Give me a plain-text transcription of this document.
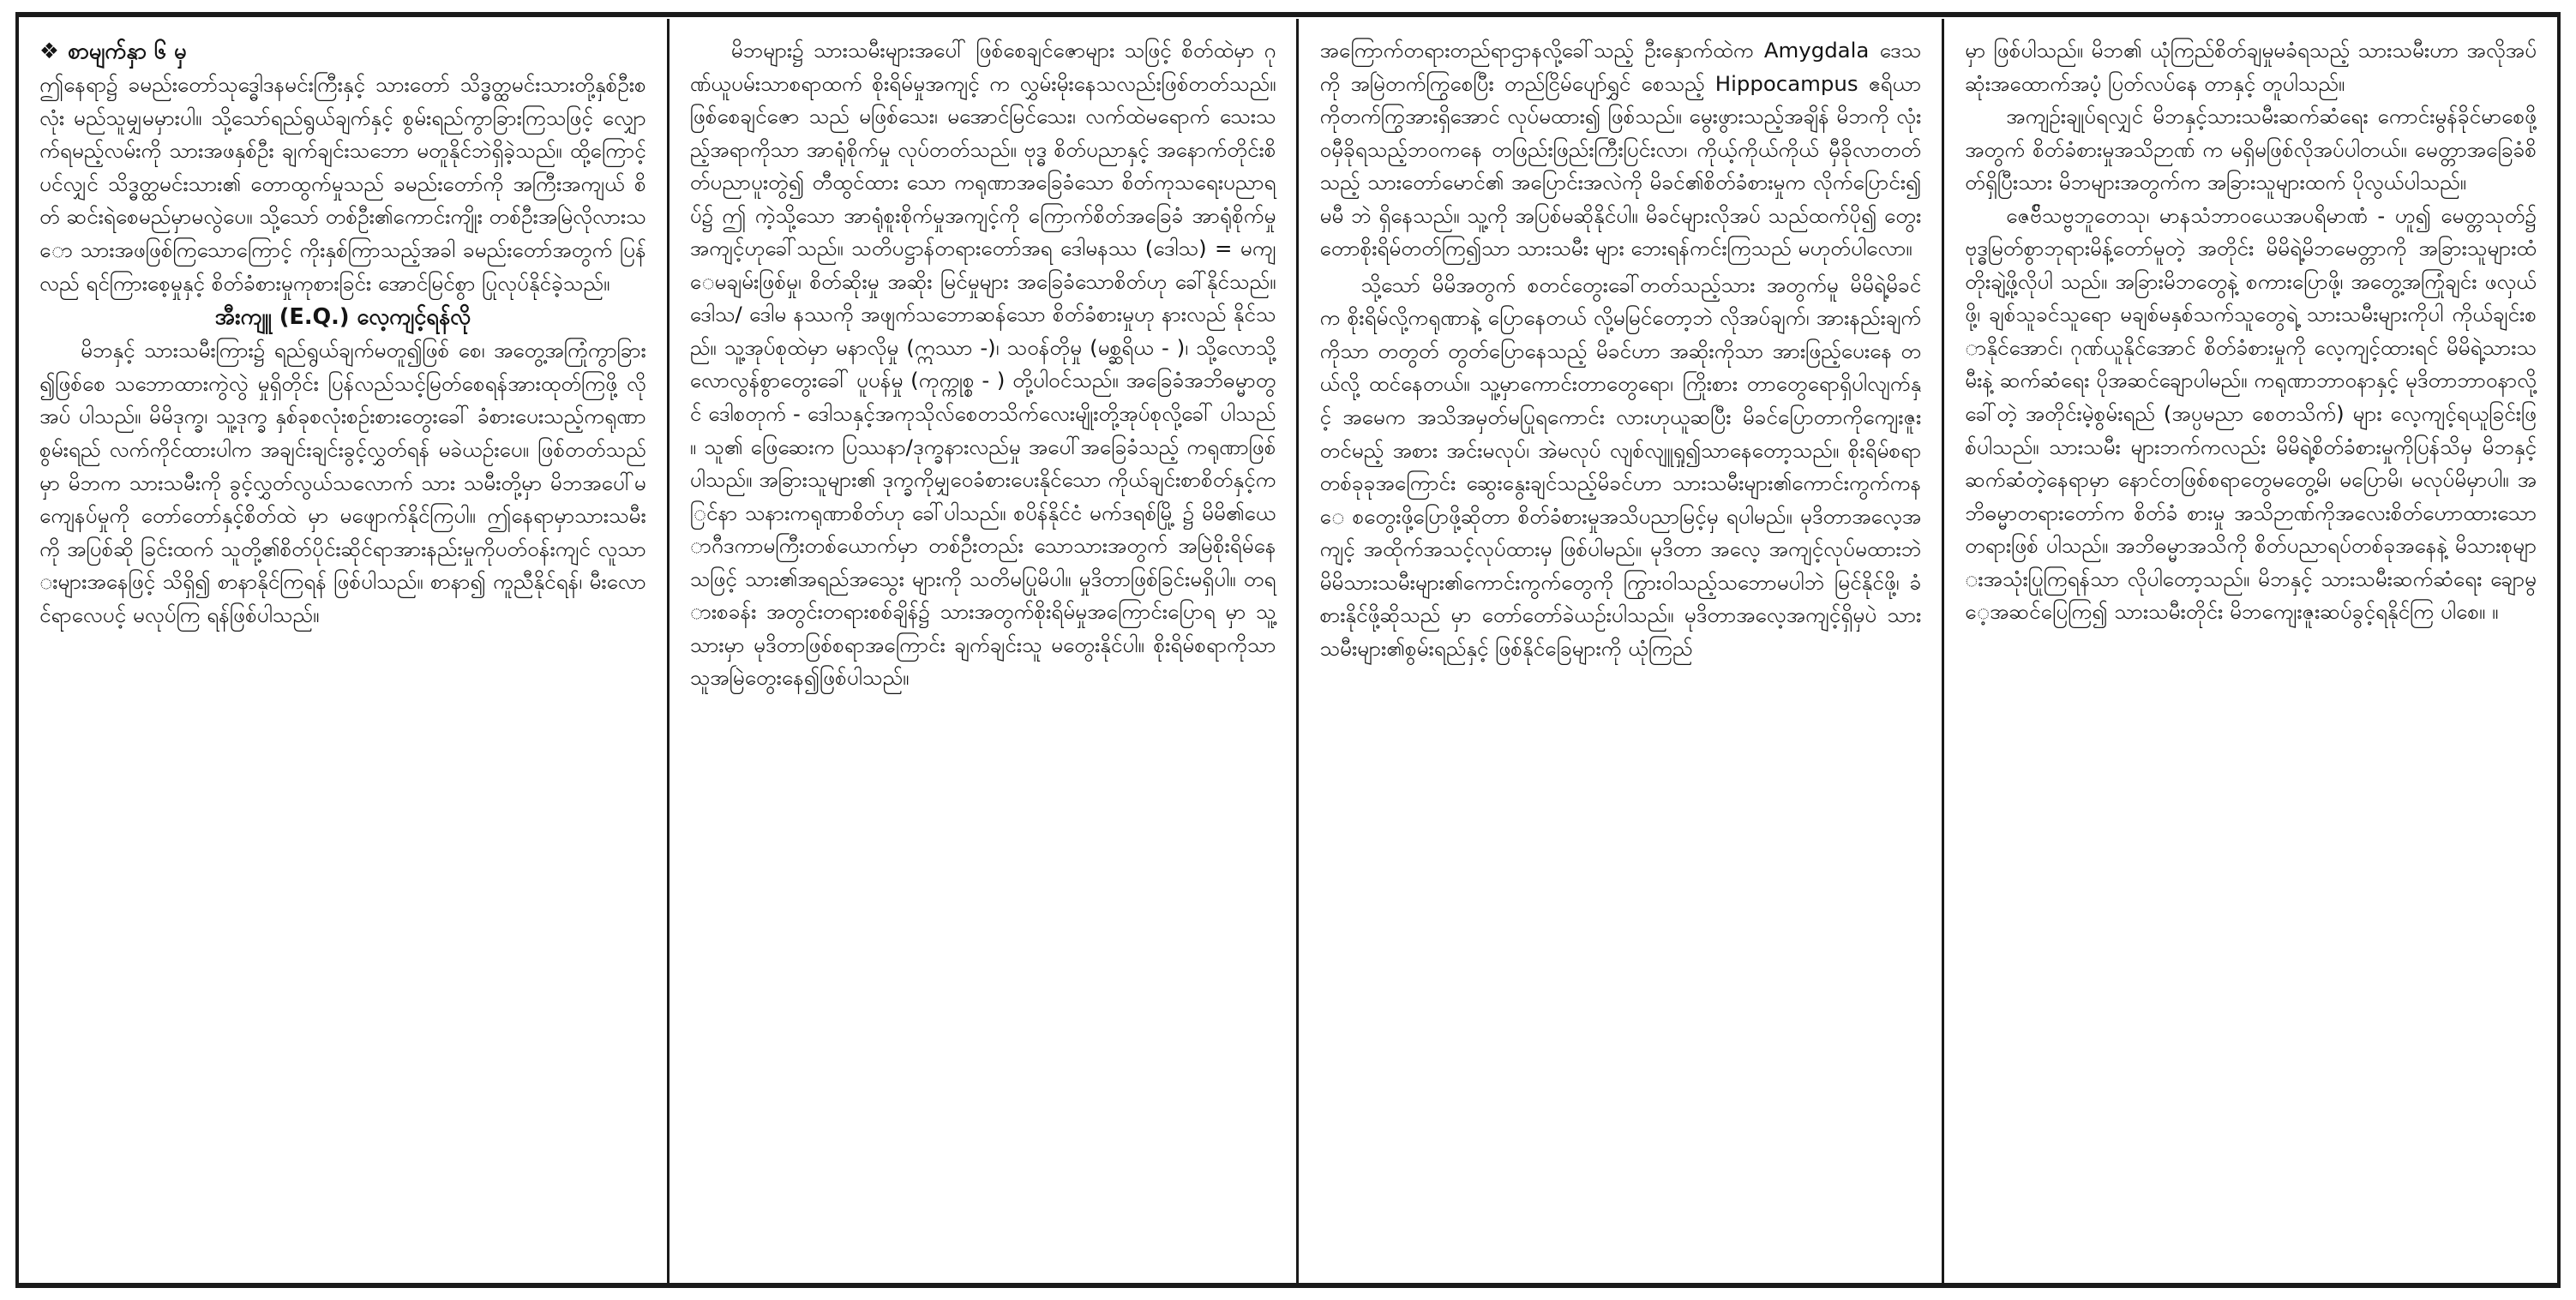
❖ စာမျက်နှာ ၆ မှ

ဤနေရာ၌ ခမည်းတော်သုဒ္ဓေါဒနမင်းကြီးနှင့် သားတော် သိဒ္ဓတ္ထမင်းသားတို့နှစ်ဦးစလုံး မည်သူမျှမမှားပါ။ သို့သော်ရည်ရွယ်ချက်နှင့် စွမ်းရည်ကွာခြားကြသဖြင့် လျှောက်ရမည့်လမ်းကို သားအဖနှစ်ဦး ချက်ချင်းသဘော မတူနိုင်ဘဲရှိခဲ့သည်။ ထို့ကြောင့်ပင်လျှင် သိဒ္ဓတ္ထမင်းသား၏ တောထွက်မှုသည် ခမည်းတော်ကို အကြီးအကျယ် စိတ် ဆင်းရဲစေမည်မှာမလွဲပေ။ သို့သော် တစ်ဦး၏ကောင်းကျိုး တစ်ဦးအမြဲလိုလားသော သားအဖဖြစ်ကြသောကြောင့် ကိုးနှစ်ကြာသည့်အခါ ခမည်းတော်အတွက် ပြန်လည် ရင်ကြားစေ့မှုနှင့် စိတ်ခံစားမှုကုစားခြင်း အောင်မြင်စွာ ပြုလုပ်နိုင်ခဲ့သည်။

အီးကျူ (E.Q.) လေ့ကျင့်ရန်လို

မိဘနှင့် သားသမီးကြား၌ ရည်ရွယ်ချက်မတူ၍ဖြစ် စေ၊ အတွေ့အကြုံကွာခြား၍ဖြစ်စေ သဘောထားကွဲလွဲ မှုရှိတိုင်း ပြန်လည်သင့်မြတ်စေရန်အားထုတ်ကြဖို့ လိုအပ် ပါသည်။ မိမိဒုက္ခ၊ သူ့ဒုက္ခ နှစ်ခုစလုံးစဉ်းစားတွေးခေါ် ခံစားပေးသည့်ကရုဏာစွမ်းရည် လက်ကိုင်ထားပါက အချင်းချင်းခွင့်လွှတ်ရန် မခဲယဉ်းပေ။ ဖြစ်တတ်သည်မှာ မိဘက သားသမီးကို ခွင့်လွှတ်လွယ်သလောက် သား သမီးတို့မှာ မိဘအပေါ်မကျေနပ်မှုကို တော်တော်နှင့်စိတ်ထဲ မှာ မဖျောက်နိုင်ကြပါ။ ဤနေရာမှာသားသမီးကို အပြစ်ဆို ခြင်းထက် သူတို့၏စိတ်ပိုင်းဆိုင်ရာအားနည်းမှုကိုပတ်ဝန်းကျင် လူသားများအနေဖြင့် သိရှိ၍ စာနာနိုင်ကြရန် ဖြစ်ပါသည်။ စာနာ၍ ကူညီနိုင်ရန်၊ မီးလောင်ရာလေပင့် မလုပ်ကြ ရန်ဖြစ်ပါသည်။

မိဘများ၌ သားသမီးများအပေါ် ဖြစ်စေချင်ဇောများ သဖြင့် စိတ်ထဲမှာ ဂုဏ်ယူပမ်းသာစရာထက် စိုးရိမ်မှုအကျင့် က လွှမ်းမိုးနေသလည်းဖြစ်တတ်သည်။ ဖြစ်စေချင်ဇော သည် မဖြစ်သေး၊ မအောင်မြင်သေး၊ လက်ထဲမရောက် သေးသည့်အရာကိုသာ အာရုံစိုက်မှု လုပ်တတ်သည်။ ဗုဒ္ဓ စိတ်ပညာနှင့် အနောက်တိုင်းစိတ်ပညာပူးတွဲ၍ တီထွင်ထား သော ကရုဏာအခြေခံသော စိတ်ကုသရေးပညာရပ်၌ ဤ ကဲ့သို့သော အာရုံစူးစိုက်မှုအကျင့်ကို ကြောက်စိတ်အခြေခံ အာရုံစိုက်မှုအကျင့်ဟုခေါ်သည်။ သတိပဋ္ဌာန်တရားတော်အရ ဒေါမနဿ (ဒေါသ) = မကျေမချမ်းဖြစ်မှု၊ စိတ်ဆိုးမှု အဆိုး မြင်မှုများ အခြေခံသောစိတ်ဟု ခေါ်နိုင်သည်။ ဒေါသ/ ဒေါမ နဿကို အဖျက်သဘောဆန်သော စိတ်ခံစားမှုဟု နားလည် နိုင်သည်။ သူ့အုပ်စုထဲမှာ မနာလိုမှု (ဣဿာ -)၊ သဝန်တိုမှု (မစ္ဆရိယ - )၊ သို့လောသို့လောလွန်စွာတွေးခေါ် ပူပန်မှု (ကုက္ကုစ္စ - ) တို့ပါဝင်သည်။ အခြေခံအဘိဓမ္မာတွင် ဒေါစတုက် - ဒေါသနှင့်အကုသိုလ်စေတသိက်လေးမျိုးတို့အုပ်စုလို့ခေါ် ပါသည်။ သူ၏ ဖြေဆေးက ပြဿနာ/ဒုက္ခနားလည်မှု အပေါ်အခြေခံသည့် ကရုဏာဖြစ်ပါသည်။ အခြားသူများ၏ ဒုက္ခကိုမျှဝေခံစားပေးနိုင်သော ကိုယ်ချင်းစာစိတ်နှင့်ကြင်နာ သနားကရုဏာစိတ်ဟု ခေါ်ပါသည်။ စပိန်နိုင်ငံ မက်ဒရစ်မြို့ ၌ မိမိ၏ယောဂီဒကာမကြီးတစ်ယောက်မှာ တစ်ဦးတည်း သောသားအတွက် အမြဲစိုးရိမ်နေသဖြင့် သား၏အရည်အသွေး များကို သတိမပြုမိပါ။ မှုဒိတာဖြစ်ခြင်းမရှိပါ။ တရားစခန်း အတွင်းတရားစစ်ချိန်၌ သားအတွက်စိုးရိမ်မှုအကြောင်းပြောရ မှာ သူ့သားမှာ မုဒိတာဖြစ်စရာအကြောင်း ချက်ချင်းသူ မတွေးနိုင်ပါ။ စိုးရိမ်စရာကိုသာသူအမြဲတွေးနေ၍ဖြစ်ပါသည်။

အကြောက်တရားတည်ရာဌာနလို့ခေါ်သည့် ဦးနှောက်ထဲက Amygdala ဒေသကို အမြဲတက်ကြွစေပြီး တည်ငြိမ်ပျော်ရွှင် စေသည့် Hippocampus ဧရိယာကိုတက်ကြွအားရှိအောင် လုပ်မထား၍ ဖြစ်သည်။ မွေးဖွားသည့်အချိန် မိဘကို လုံးဝမှီခိုရသည့်ဘဝကနေ တဖြည်းဖြည်းကြီးပြင်းလာ၊ ကိုယ့်ကိုယ်ကိုယ် မှီခိုလာတတ်သည့် သားတော်မောင်၏ အပြောင်းအလဲကို မိခင်၏စိတ်ခံစားမှုက လိုက်ပြောင်း၍မမီ ဘဲ ရှိနေသည်။ သူ့ကို အပြစ်မဆိုနိုင်ပါ။ မိခင်များလိုအပ် သည်ထက်ပို၍ တွေးတောစိုးရိမ်တတ်ကြ၍သာ သားသမီး များ ဘေးရန်ကင်းကြသည် မဟုတ်ပါလော။

သို့သော် မိမိအတွက် စတင်တွေးခေါ်တတ်သည့်သား အတွက်မူ မိမိရဲ့မိခင်က စိုးရိမ်လို့ကရုဏာနဲ့ ပြောနေတယ် လို့မမြင်တော့ဘဲ လိုအပ်ချက်၊ အားနည်းချက်ကိုသာ တတွတ် တွတ်ပြောနေသည့် မိခင်ဟာ အဆိုးကိုသာ အားဖြည့်ပေးနေ တယ်လို့ ထင်နေတယ်။ သူ့မှာကောင်းတာတွေရော၊ ကြိုးစား တာတွေရောရှိပါလျက်နှင့် အမေက အသိအမှတ်မပြုရကောင်း လားဟုယူဆပြီး မိခင်ပြောတာကိုကျေးဇူးတင်မည့် အစား အင်းမလုပ်၊ အဲမလုပ် လျစ်လျူရှု၍သာနေတော့သည်။ စိုးရိမ်စရာတစ်ခုခုအကြောင်း ဆွေးနွေးချင်သည့်မိခင်ဟာ သားသမီးများ၏ကောင်းကွက်ကနေ စတွေးဖို့ပြောဖို့ဆိုတာ စိတ်ခံစားမှုအသိပညာမြင့်မှ ရပါမည်။ မုဒိတာအလေ့အကျင့် အထိုက်အသင့်လုပ်ထားမှ ဖြစ်ပါမည်။ မုဒိတာ အလေ့ အကျင့်လုပ်မထားဘဲ မိမိသားသမီးများ၏ကောင်းကွက်တွေကို ကြွားဝါသည့်သဘောမပါဘဲ မြင်နိုင်ဖို့၊ ခံစားနိုင်ဖို့ဆိုသည် မှာ တော်တော်ခဲယဉ်းပါသည်။ မုဒိတာအလေ့အကျင့်ရှိမှပဲ သားသမီးများ၏စွမ်းရည်နှင့် ဖြစ်နိုင်ခြေများကို ယုံကြည်

မှာ ဖြစ်ပါသည်။ မိဘ၏ ယုံကြည်စိတ်ချမှုမခံရသည့် သားသမီးဟာ အလိုအပ်ဆုံးအထောက်အပံ့ ပြတ်လပ်နေ တာနှင့် တူပါသည်။

အကျဉ်းချုပ်ရလျှင် မိဘနှင့်သားသမီးဆက်ဆံရေး ကောင်းမွန်ခိုင်မာစေဖို့အတွက် စိတ်ခံစားမှုအသိဉာဏ် က မရှိမဖြစ်လိုအပ်ပါတယ်။ မေတ္တာအခြေခံစိတ်ရှိပြီးသား မိဘများအတွက်က အခြားသူများထက် ပိုလွယ်ပါသည်။

ဇေဗ်ိသဗ္ဗဘူတေသု၊ မာနသံဘာဝယေအပရိမာဏံ - ဟူ၍ မေတ္တသုတ်၌ ဗုဒ္ဓမြတ်စွာဘုရားမိန့်တော်မူတဲ့ အတိုင်း မိမိရဲ့မိဘမေတ္တာကို အခြားသူများထံ တိုးချဲ့ဖို့လိုပါ သည်။ အခြားမိဘတွေနဲ့ စကားပြောဖို့၊ အတွေ့အကြုံချင်း ဖလှယ်ဖို့၊ ချစ်သူခင်သူရော မချစ်မနှစ်သက်သူတွေရဲ့ သားသမီးများကိုပါ ကိုယ်ချင်းစာနိုင်အောင်၊ ဂုဏ်ယူနိုင်အောင် စိတ်ခံစားမှုကို လေ့ကျင့်ထားရင် မိမိရဲ့သားသမီးနဲ့ ဆက်ဆံရေး ပိုအဆင်ချောပါမည်။ ကရုဏာဘာဝနာနှင့် မုဒိတာဘာဝနာလို့ခေါ်တဲ့ အတိုင်းမဲ့စွမ်းရည် (အပ္ပမညာ စေတသိက်) များ လေ့ကျင့်ရယူခြင်းဖြစ်ပါသည်။ သားသမီး များဘက်ကလည်း မိမိရဲ့စိတ်ခံစားမှုကိုပြန်သိမှ မိဘနှင့် ဆက်ဆံတဲ့နေရာမှာ နောင်တဖြစ်စရာတွေမတွေ့မိ၊ မပြောမိ၊ မလုပ်မိမှာပါ။ အဘိဓမ္မာတရားတော်က စိတ်ခံ စားမှု အသိဉာဏ်ကိုအလေးစိတ်ဟောထားသောတရားဖြစ် ပါသည်။ အဘိဓမ္မာအသိကို စိတ်ပညာရပ်တစ်ခုအနေနဲ့ မိသားစုများအသုံးပြုကြရန်သာ လိုပါတော့သည်။ မိဘနှင့် သားသမီးဆက်ဆံရေး ချောမွေ့အဆင်ပြေကြ၍ သားသမီးတိုင်း မိဘကျေးဇူးဆပ်ခွင့်ရနိုင်ကြ ပါစေ။ ။
